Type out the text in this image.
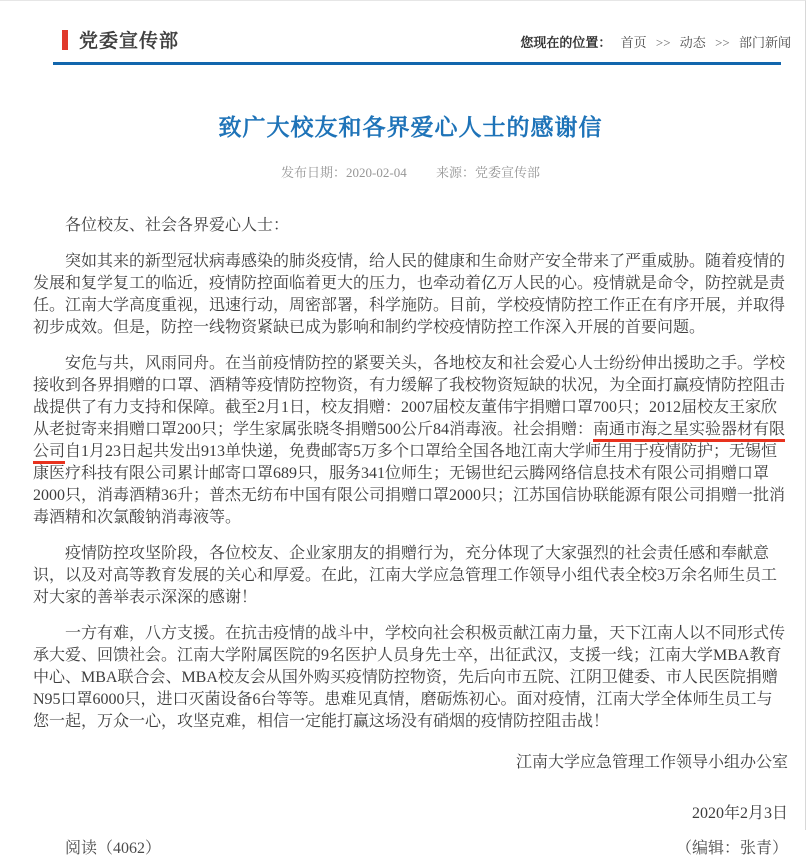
党委宣传部	您现在的位置： 首页 >> 动态 >> 部门新闻
致广大校友和各界爱心人士的感谢信
发布日期：2020-02-04 来源：党委宣传部

各位校友、社会各界爱心人士：

突如其来的新型冠状病毒感染的肺炎疫情，给人民的健康和生命财产安全带来了严重威胁。随着疫情的发展和复学复工的临近，疫情防控面临着更大的压力，也牵动着亿万人民的心。疫情就是命令，防控就是责任。江南大学高度重视，迅速行动，周密部署，科学施防。目前，学校疫情防控工作正在有序开展，并取得初步成效。但是，防控一线物资紧缺已成为影响和制约学校疫情防控工作深入开展的首要问题。

安危与共，风雨同舟。在当前疫情防控的紧要关头，各地校友和社会爱心人士纷纷伸出援助之手。学校接收到各界捐赠的口罩、酒精等疫情防控物资，有力缓解了我校物资短缺的状况，为全面打赢疫情防控阻击战提供了有力支持和保障。截至2月1日，校友捐赠：2007届校友董伟宇捐赠口罩700只；2012届校友王家欣从老挝寄来捐赠口罩200只；学生家属张晓冬捐赠500公斤84消毒液。社会捐赠：南通市海之星实验器材有限公司自1月23日起共发出913单快递，免费邮寄5万多个口罩给全国各地江南大学师生用于疫情防护；无锡恒康医疗科技有限公司累计邮寄口罩689只，服务341位师生；无锡世纪云腾网络信息技术有限公司捐赠口罩2000只，消毒酒精36升；普杰无纺布中国有限公司捐赠口罩2000只；江苏国信协联能源有限公司捐赠一批消毒酒精和次氯酸钠消毒液等。

疫情防控攻坚阶段，各位校友、企业家朋友的捐赠行为，充分体现了大家强烈的社会责任感和奉献意识，以及对高等教育发展的关心和厚爱。在此，江南大学应急管理工作领导小组代表全校3万余名师生员工对大家的善举表示深深的感谢！

一方有难，八方支援。在抗击疫情的战斗中，学校向社会积极贡献江南力量，天下江南人以不同形式传承大爱、回馈社会。江南大学附属医院的9名医护人员身先士卒，出征武汉，支援一线；江南大学MBA教育中心、MBA联合会、MBA校友会从国外购买疫情防控物资，先后向市五院、江阴卫健委、市人民医院捐赠N95口罩6000只，进口灭菌设备6台等等。患难见真情，磨砺炼初心。面对疫情，江南大学全体师生员工与您一起，万众一心，攻坚克难，相信一定能打赢这场没有硝烟的疫情防控阻击战！

江南大学应急管理工作领导小组办公室
2020年2月3日
阅读（4062）	（编辑：张青）
